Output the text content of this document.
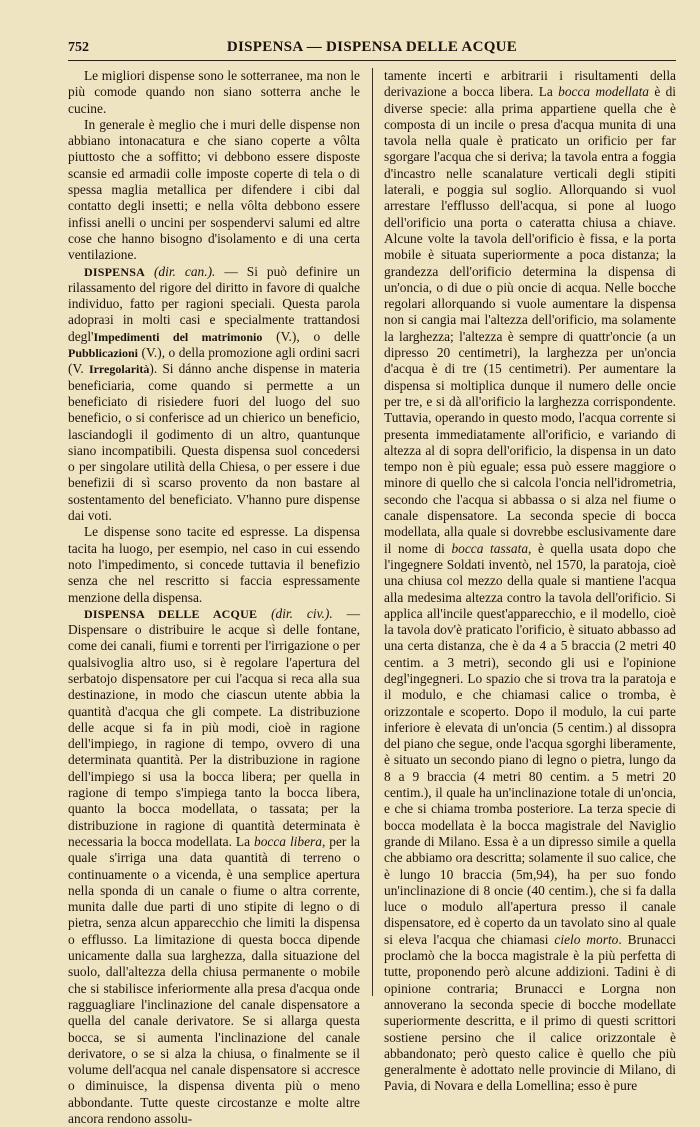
752	DISPENSA — DISPENSA DELLE ACQUE

Le migliori dispense sono le sotterranee, ma non le più comode quando non siano sotterra anche le cucine.

In generale è meglio che i muri delle dispense non abbiano intonacatura e che siano coperte a vôlta piuttosto che a soffitto; vi debbono essere disposte scansie ed armadii colle imposte coperte di tela o di spessa maglia metallica per difendere i cibi dal contatto degli insetti; e nella vôlta debbono essere infissi anelli o uncini per sospendervi salumi ed altre cose che hanno bisogno d'isolamento e di una certa ventilazione.

DISPENSA (dir. can.). — Si può definire un rilassamento del rigore del diritto in favore di qualche individuo, fatto per ragioni speciali. Questa parola adopraɜi in molti casi e specialmente trattandosi degl'Impedimenti del matrimonio (V.), o delle Pubblicazioni (V.), o della promozione agli ordini sacri (V. Irregolarità). Si dánno anche dispense in materia beneficiaria, come quando si permette a un beneficiato di risiedere fuori del luogo del suo beneficio, o si conferisce ad un chierico un beneficio, lasciandogli il godimento di un altro, quantunque siano incompatibili. Questa dispensa suol concedersi o per singolare utilità della Chiesa, o per essere i due benefizii di sì scarso provento da non bastare al sostentamento del beneficiato. V'hanno pure dispense dai voti.

Le dispense sono tacite ed espresse. La dispensa tacita ha luogo, per esempio, nel caso in cui essendo noto l'impedimento, si concede tuttavia il benefizio senza che nel rescritto si faccia espressamente menzione della dispensa.

DISPENSA DELLE ACQUE (dir. civ.). — Dispensare o distribuire le acque sì delle fontane, come dei canali, fiumi e torrenti per l'irrigazione o per qualsivoglia altro uso, si è regolare l'apertura del serbatojo dispensatore per cui l'acqua si reca alla sua destinazione, in modo che ciascun utente abbia la quantità d'acqua che gli compete. La distribuzione delle acque si fa in più modi, cioè in ragione dell'impiego, in ragione di tempo, ovvero di una determinata quantità. Per la distribuzione in ragione dell'impiego si usa la bocca libera; per quella in ragione di tempo s'impiega tanto la bocca libera, quanto la bocca modellata, o tassata; per la distribuzione in ragione di quantità determinata è necessaria la bocca modellata. La bocca libera, per la quale s'irriga una data quantità di terreno o continuamente o a vicenda, è una semplice apertura nella sponda di un canale o fiume o altra corrente, munita dalle due parti di uno stipite di legno o di pietra, senza alcun apparecchio che limiti la dispensa o efflusso. La limitazione di questa bocca dipende unicamente dalla sua larghezza, dalla situazione del suolo, dall'altezza della chiusa permanente o mobile che si stabilisce inferiormente alla presa d'acqua onde ragguagliare l'inclinazione del canale dispensatore a quella del canale derivatore. Se si allarga questa bocca, se si aumenta l'inclinazione del canale derivatore, o se si alza la chiusa, o finalmente se il volume dell'acqua nel canale dispensatore si accresce o diminuisce, la dispensa diventa più o meno abbondante. Tutte queste circostanze e molte altre ancora rendono assolu-

tamente incerti e arbitrarii i risultamenti della derivazione a bocca libera. La bocca modellata è di diverse specie: alla prima appartiene quella che è composta di un incile o presa d'acqua munita di una tavola nella quale è praticato un orificio per far sgorgare l'acqua che si deriva; la tavola entra a foggia d'incastro nelle scanalature verticali degli stipiti laterali, e poggia sul soglio. Allorquando si vuol arrestare l'efflusso dell'acqua, si pone al luogo dell'orificio una porta o cateratta chiusa a chiave. Alcune volte la tavola dell'orificio è fissa, e la porta mobile è situata superiormente a poca distanza; la grandezza dell'orificio determina la dispensa di un'oncia, o di due o più oncie di acqua. Nelle bocche regolari allorquando si vuole aumentare la dispensa non si cangia mai l'altezza dell'orificio, ma solamente la larghezza; l'altezza è sempre di quattr'oncie (a un dipresso 20 centimetri), la larghezza per un'oncia d'acqua è di tre (15 centimetri). Per aumentare la dispensa si moltiplica dunque il numero delle oncie per tre, e si dà all'orificio la larghezza corrispondente. Tuttavia, operando in questo modo, l'acqua corrente si presenta immediatamente all'orificio, e variando di altezza al di sopra dell'orificio, la dispensa in un dato tempo non è più eguale; essa può essere maggiore o minore di quello che si calcola l'oncia nell'idrometria, secondo che l'acqua si abbassa o si alza nel fiume o canale dispensatore. La seconda specie di bocca modellata, alla quale si dovrebbe esclusivamente dare il nome di bocca tassata, è quella usata dopo che l'ingegnere Soldati inventò, nel 1570, la paratoja, cioè una chiusa col mezzo della quale si mantiene l'acqua alla medesima altezza contro la tavola dell'orificio. Si applica all'incile quest'apparecchio, e il modello, cioè la tavola dov'è praticato l'orificio, è situato abbasso ad una certa distanza, che è da 4 a 5 braccia (2 metri 40 centim. a 3 metri), secondo gli usi e l'opinione degl'ingegneri. Lo spazio che si trova tra la paratoja e il modulo, e che chiamasi calice o tromba, è orizzontale e scoperto. Dopo il modulo, la cui parte inferiore è elevata di un'oncia (5 centim.) al dissopra del piano che segue, onde l'acqua sgorghi liberamente, è situato un secondo piano di legno o pietra, lungo da 8 a 9 braccia (4 metri 80 centim. a 5 metri 20 centim.), il quale ha un'inclinazione totale di un'oncia, e che si chiama tromba posteriore. La terza specie di bocca modellata è la bocca magistrale del Naviglio grande di Milano. Essa è a un dipresso simile a quella che abbiamo ora descritta; solamente il suo calice, che è lungo 10 braccia (5m,94), ha per suo fondo un'inclinazione di 8 oncie (40 centim.), che si fa dalla luce o modulo all'apertura presso il canale dispensatore, ed è coperto da un tavolato sino al quale si eleva l'acqua che chiamasi cielo morto. Brunacci proclamò che la bocca magistrale è la più perfetta di tutte, proponendo però alcune addizioni. Tadini è di opinione contraria; Brunacci e Lorgna non annoverano la seconda specie di bocche modellate superiormente descritta, e il primo di questi scrittori sostiene persino che il calice orizzontale è abbandonato; però questo calice è quello che più generalmente è adottato nelle provincie di Milano, di Pavia, di Novara e della Lomellina; esso è pure
